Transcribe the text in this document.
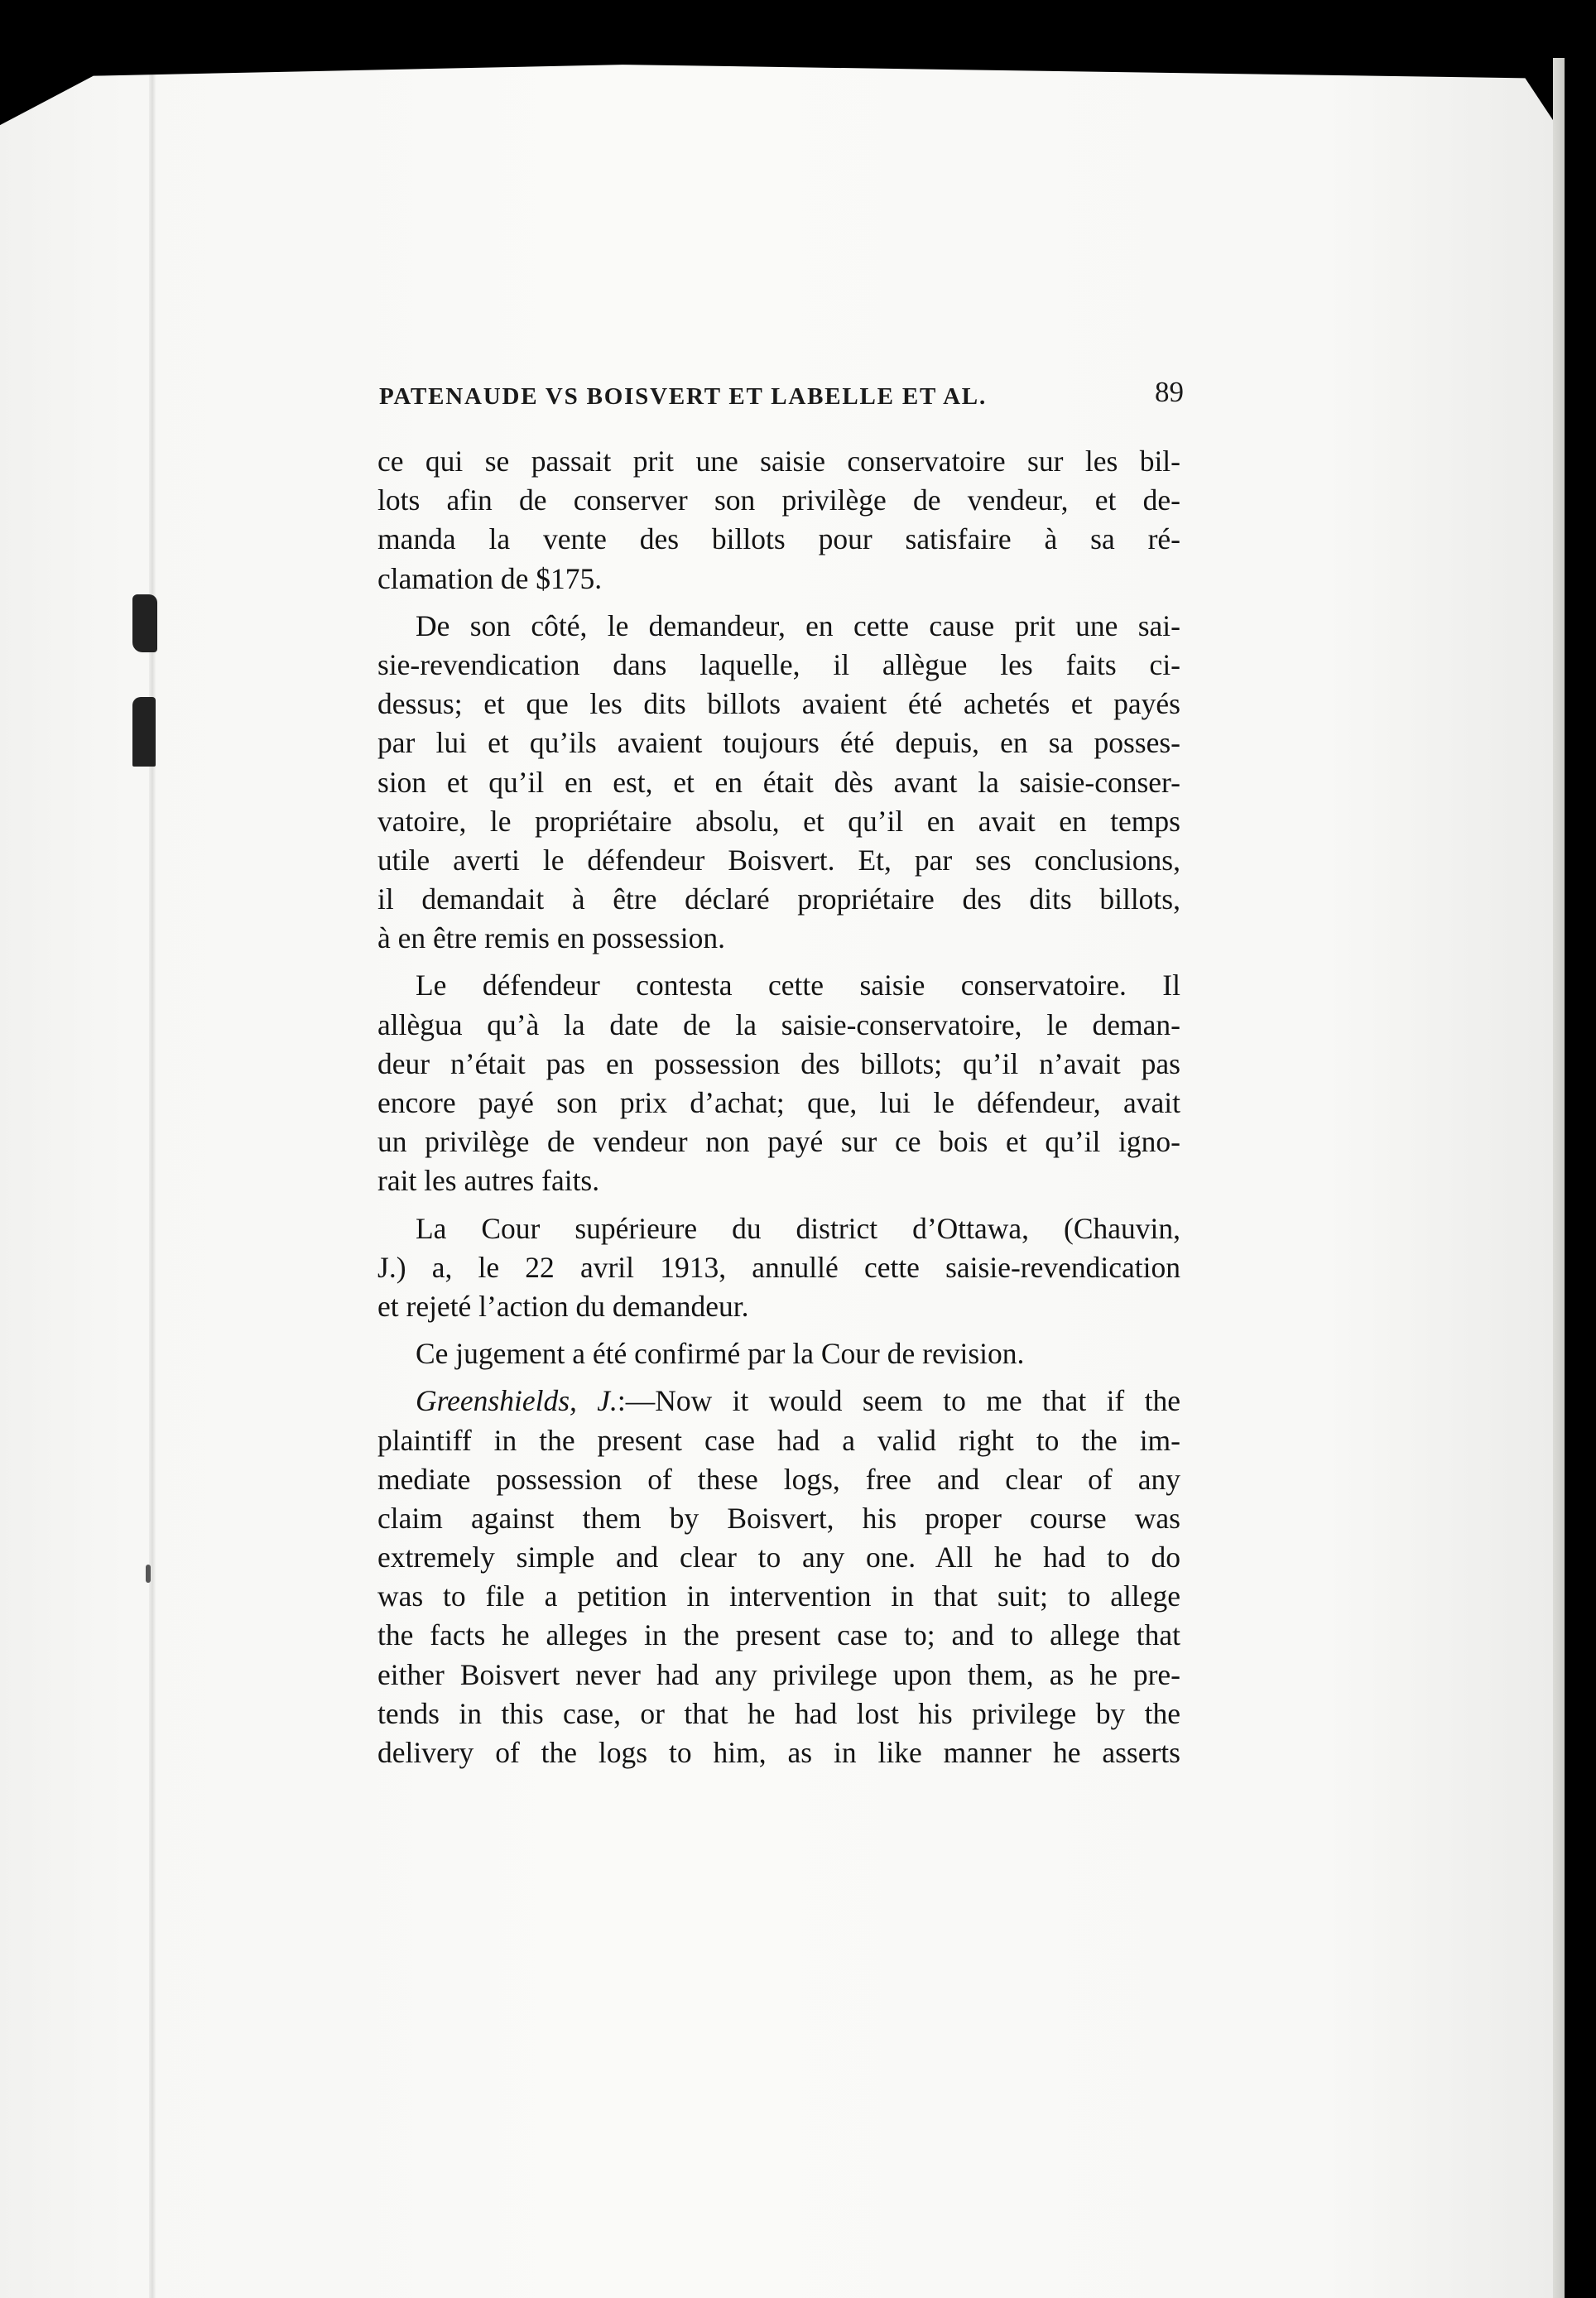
PATENAUDE VS BOISVERT ET LABELLE ET AL.	89
ce qui se passait prit une saisie conservatoire sur les bil-
lots afin de conserver son privilège de vendeur, et de-
manda la vente des billots pour satisfaire à sa ré-
clamation de $175.
De son côté, le demandeur, en cette cause prit une sai-
sie-revendication dans laquelle, il allègue les faits ci-
dessus; et que les dits billots avaient été achetés et payés
par lui et qu’ils avaient toujours été depuis, en sa posses-
sion et qu’il en est, et en était dès avant la saisie-conser-
vatoire, le propriétaire absolu, et qu’il en avait en temps
utile averti le défendeur Boisvert. Et, par ses conclusions,
il demandait à être déclaré propriétaire des dits billots,
à en être remis en possession.
Le défendeur contesta cette saisie conservatoire. Il
allègua qu’à la date de la saisie-conservatoire, le deman-
deur n’était pas en possession des billots; qu’il n’avait pas
encore payé son prix d’achat; que, lui le défendeur, avait
un privilège de vendeur non payé sur ce bois et qu’il igno-
rait les autres faits.
La Cour supérieure du district d’Ottawa, (Chauvin,
J.) a, le 22 avril 1913, annullé cette saisie-revendication
et rejeté l’action du demandeur.
Ce jugement a été confirmé par la Cour de revision.
Greenshields, J.:—Now it would seem to me that if the
plaintiff in the present case had a valid right to the im-
mediate possession of these logs, free and clear of any
claim against them by Boisvert, his proper course was
extremely simple and clear to any one. All he had to do
was to file a petition in intervention in that suit; to allege
the facts he alleges in the present case to; and to allege that
either Boisvert never had any privilege upon them, as he pre-
tends in this case, or that he had lost his privilege by the
delivery of the logs to him, as in like manner he asserts
